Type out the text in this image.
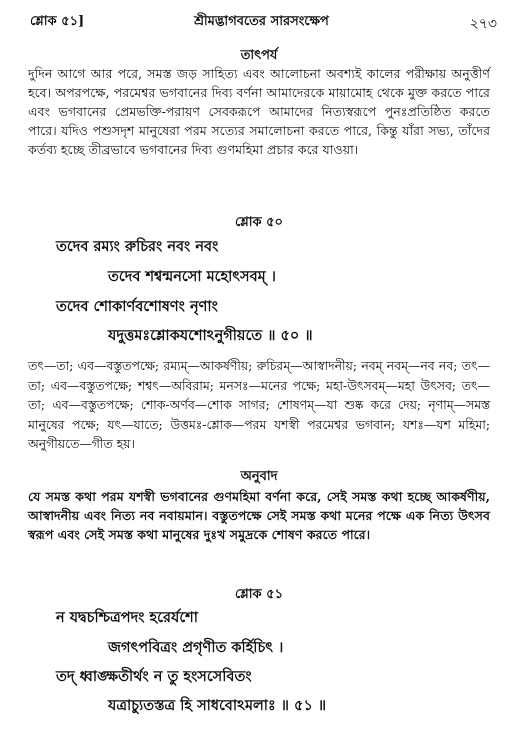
শ্রীমদ্ভাগবতের সারসংক্ষেপ
শ্লোক ৫১]	২৭৩
তাৎপর্য

দুদিন আগে আর পরে, সমস্ত জড় সাহিত্য এবং আলোচনা অবশ্যই কালের পরীক্ষায় অনুত্তীর্ণ হবে। অপরপক্ষে, পরমেশ্বর ভগবানের দিব্য বর্ণনা আমাদেরকে মায়ামোহ থেকে মুক্ত করতে পারে এবং ভগবানের প্রেমভক্তি-পরায়ণ সেবকরূপে আমাদের নিত্যস্বরূপে পুনঃপ্রতিষ্ঠিত করতে পারে। যদিও পশুসদৃশ মানুষেরা পরম সত্যের সমালোচনা করতে পারে, কিন্তু যাঁরা সভ্য, তাঁদের কর্তব্য হচ্ছে তীব্রভাবে ভগবানের দিব্য গুণমহিমা প্রচার করে যাওয়া।

শ্লোক ৫০
তদেব রম্যং রুচিরং নবং নবং
তদেব শশ্বন্মনসো মহোৎসবম্ ।
তদেব শোকার্ণবশোষণং নৃণাং
যদুত্তমঃশ্লোকযশোঽনুগীয়তে ॥ ৫০ ॥

তৎ—তা; এব—বস্তুতপক্ষে; রম্যম্—আকর্ষণীয়; রুচিরম্—আস্বাদনীয়; নবম্ নবম্—নব নব; তৎ—তা; এব—বস্তুতপক্ষে; শশ্বৎ—অবিরাম; মনসঃ—মনের পক্ষে; মহা-উৎসবম্—মহা উৎসব; তৎ—তা; এব—বস্তুতপক্ষে; শোক-অর্ণব—শোক সাগর; শোষণম্—যা শুষ্ক করে দেয়; নৃণাম্—সমস্ত মানুষের পক্ষে; যৎ—যাতে; উত্তমঃ-শ্লোক—পরম যশস্বী পরমেশ্বর ভগবান; যশঃ—যশ মহিমা; অনুগীয়তে—গীত হয়।

অনুবাদ

যে সমস্ত কথা পরম যশস্বী ভগবানের গুণমহিমা বর্ণনা করে, সেই সমস্ত কথা হচ্ছে আকর্ষণীয়, আস্বাদনীয় এবং নিত্য নব নবায়মান। বস্তুতপক্ষে সেই সমস্ত কথা মনের পক্ষে এক নিত্য উৎসব স্বরূপ এবং সেই সমস্ত কথা মানুষের দুঃখ সমুদ্রকে শোষণ করতে পারে।

শ্লোক ৫১
ন যদ্বচশ্চিত্রপদং হরের্যশো
জগৎপবিত্রং প্রগৃণীত কর্হিচিৎ ।
তদ্ ধ্বাঙ্ক্ষতীর্থং ন তু হংসসেবিতং
যত্রাচ্যুতস্তত্র হি সাধবোঽমলাঃ ॥ ৫১ ॥
